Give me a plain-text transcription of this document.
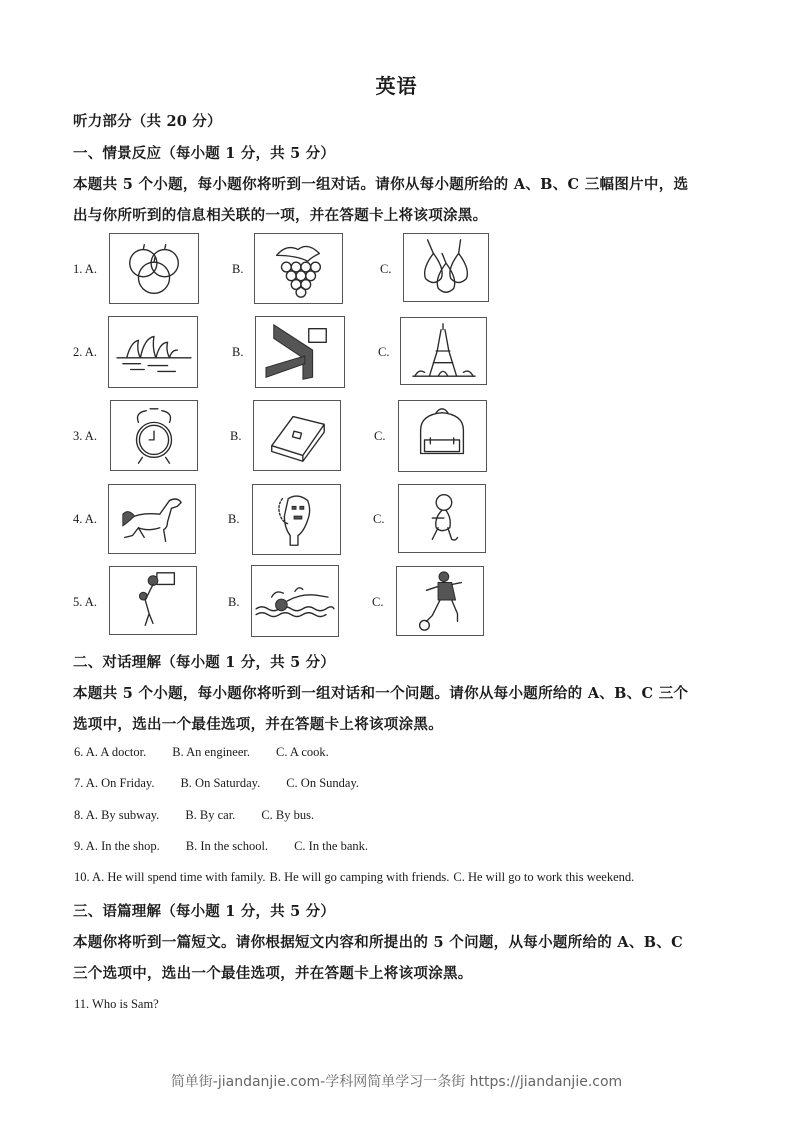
英语
听力部分（共 20 分）
一、情景反应（每小题 1 分，共 5 分）
本题共 5 个小题，每小题你将听到一组对话。请你从每小题所给的 A、B、C 三幅图片中，选
出与你所听到的信息相关联的一项，并在答题卡上将该项涂黑。
1. A.	B.	C.
2. A.	B.	C.
3. A.	B.	C.
4. A.	B.	C.
5. A.	B.	C.
二、对话理解（每小题 1 分，共 5 分）
本题共 5 个小题，每小题你将听到一组对话和一个问题。请你从每小题所给的 A、B、C 三个
选项中，选出一个最佳选项，并在答题卡上将该项涂黑。
6. A. A doctor. B. An engineer. C. A cook.
7. A. On Friday. B. On Saturday. C. On Sunday.
8. A. By subway. B. By car. C. By bus.
9. A. In the shop. B. In the school. C. In the bank.
10. A. He will spend time with family. B. He will go camping with friends. C. He will go to work this weekend.
三、语篇理解（每小题 1 分，共 5 分）
本题你将听到一篇短文。请你根据短文内容和所提出的 5 个问题，从每小题所给的 A、B、C
三个选项中，选出一个最佳选项，并在答题卡上将该项涂黑。
11. Who is Sam?
简单街-jiandanjie.com-学科网简单学习一条街 https://jiandanjie.com
